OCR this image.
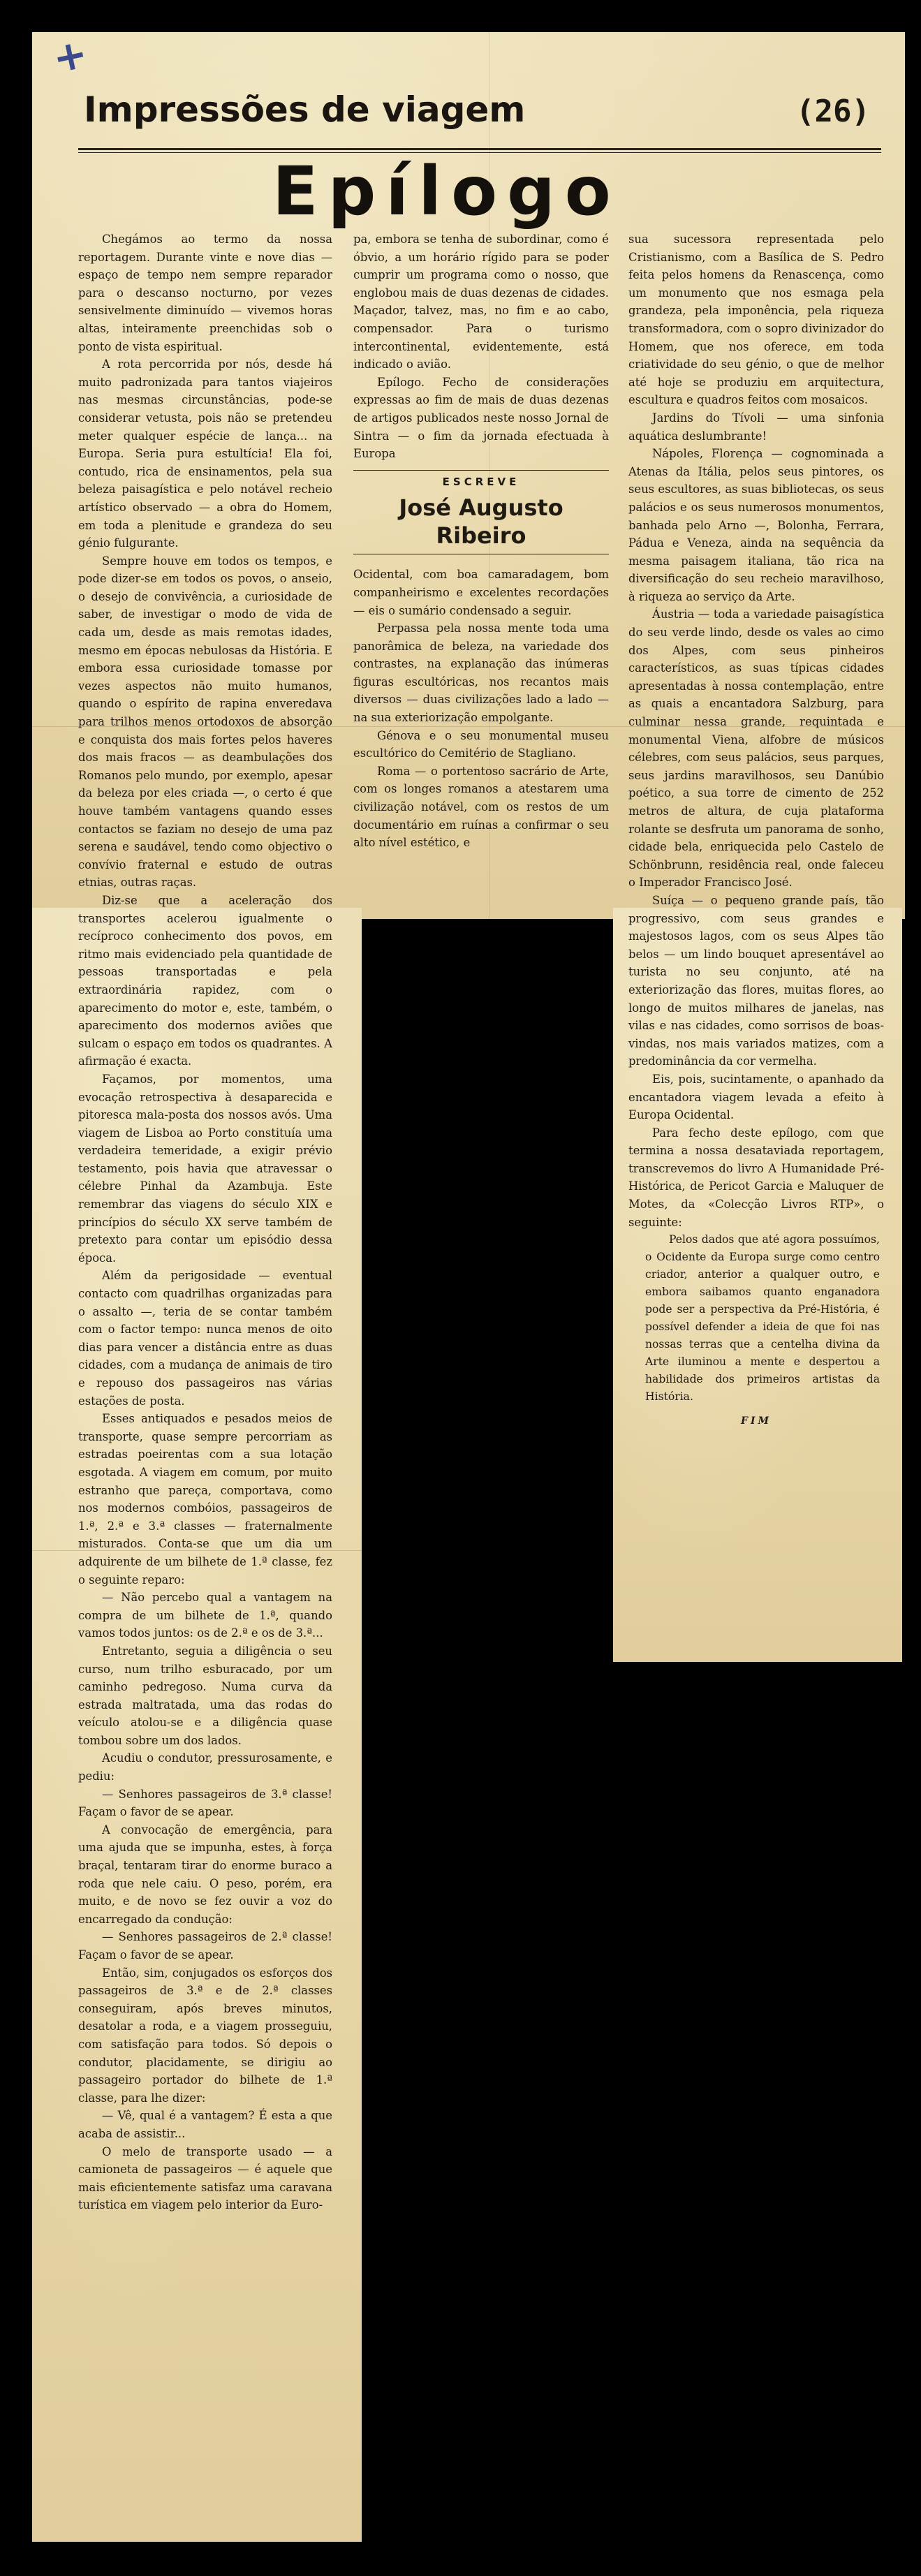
+
Impressões de viagem	(26)
Epílogo

Chegámos ao termo da nossa reportagem. Durante vinte e nove dias — espaço de tempo nem sempre reparador para o descanso nocturno, por vezes sensivelmente diminuído — vivemos horas altas, inteiramente preenchidas sob o ponto de vista espiritual.

A rota percorrida por nós, desde há muito padronizada para tantos viajeiros nas mesmas circunstâncias, pode-se considerar vetusta, pois não se pretendeu meter qualquer espécie de lança... na Europa. Seria pura estultícia! Ela foi, contudo, rica de ensinamentos, pela sua beleza paisagística e pelo notável recheio artístico observado — a obra do Homem, em toda a plenitude e grandeza do seu génio fulgurante.

Sempre houve em todos os tempos, e pode dizer-se em todos os povos, o anseio, o desejo de convivência, a curiosidade de saber, de investigar o modo de vida de cada um, desde as mais remotas idades, mesmo em épocas nebulosas da História. E embora essa curiosidade tomasse por vezes aspectos não muito humanos, quando o espírito de rapina enveredava para trilhos menos ortodoxos de absorção e conquista dos mais fortes pelos haveres dos mais fracos — as deambulações dos Romanos pelo mundo, por exemplo, apesar da beleza por eles criada —, o certo é que houve também vantagens quando esses contactos se faziam no desejo de uma paz serena e saudável, tendo como objectivo o convívio fraternal e estudo de outras etnias, outras raças.

Diz-se que a aceleração dos transportes acelerou igualmente o recíproco conhecimento dos povos, em ritmo mais evidenciado pela quantidade de pessoas transportadas e pela extraordinária rapidez, com o aparecimento do motor e, este, também, o aparecimento dos modernos aviões que sulcam o espaço em todos os quadrantes. A afirmação é exacta.

Façamos, por momentos, uma evocação retrospectiva à desaparecida e pitoresca mala-posta dos nossos avós. Uma viagem de Lisboa ao Porto constituía uma verdadeira temeridade, a exigir prévio testamento, pois havia que atravessar o célebre Pinhal da Azambuja. Este remembrar das viagens do século XIX e princípios do século XX serve também de pretexto para contar um episódio dessa época.

Além da perigosidade — eventual contacto com quadrilhas organizadas para o assalto —, teria de se contar também com o factor tempo: nunca menos de oito dias para vencer a distância entre as duas cidades, com a mudança de animais de tiro e repouso dos passageiros nas várias estações de posta.

Esses antiquados e pesados meios de transporte, quase sempre percorriam as estradas poeirentas com a sua lotação esgotada. A viagem em comum, por muito estranho que pareça, comportava, como nos modernos combóios, passageiros de 1.ª, 2.ª e 3.ª classes — fraternalmente misturados. Conta-se que um dia um adquirente de um bilhete de 1.ª classe, fez o seguinte reparo:

— Não percebo qual a vantagem na compra de um bilhete de 1.ª, quando vamos todos juntos: os de 2.ª e os de 3.ª...

Entretanto, seguia a diligência o seu curso, num trilho esburacado, por um caminho pedregoso. Numa curva da estrada maltratada, uma das rodas do veículo atolou-se e a diligência quase tombou sobre um dos lados.

Acudiu o condutor, pressurosamente, e pediu:

— Senhores passageiros de 3.ª classe! Façam o favor de se apear.

A convocação de emergência, para uma ajuda que se impunha, estes, à força braçal, tentaram tirar do enorme buraco a roda que nele caiu. O peso, porém, era muito, e de novo se fez ouvir a voz do encarregado da condução:

— Senhores passageiros de 2.ª classe! Façam o favor de se apear.

Então, sim, conjugados os esforços dos passageiros de 3.ª e de 2.ª classes conseguiram, após breves minutos, desatolar a roda, e a viagem prosseguiu, com satisfação para todos. Só depois o condutor, placidamente, se dirigiu ao passageiro portador do bilhete de 1.ª classe, para lhe dizer:

— Vê, qual é a vantagem? É esta a que acaba de assistir...

O melo de transporte usado — a camioneta de passageiros — é aquele que mais eficientemente satisfaz uma caravana turística em viagem pelo interior da Euro-

pa, embora se tenha de subordinar, como é óbvio, a um horário rígido para se poder cumprir um programa como o nosso, que englobou mais de duas dezenas de cidades. Maçador, talvez, mas, no fim e ao cabo, compensador. Para o turismo intercontinental, evidentemente, está indicado o avião.

Epílogo. Fecho de considerações expressas ao fim de mais de duas dezenas de artigos publicados neste nosso Jornal de Sintra — o fim da jornada efectuada à Europa

ESCREVE
José Augusto Ribeiro

Ocidental, com boa camaradagem, bom companheirismo e excelentes recordações — eis o sumário condensado a seguir.

Perpassa pela nossa mente toda uma panorâmica de beleza, na variedade dos contrastes, na explanação das inúmeras figuras escultóricas, nos recantos mais diversos — duas civilizações lado a lado — na sua exteriorização empolgante.

Génova e o seu monumental museu escultórico do Cemitério de Stagliano.

Roma — o portentoso sacrário de Arte, com os longes romanos a atestarem uma civilização notável, com os restos de um documentário em ruínas a confirmar o seu alto nível estético, e

sua sucessora representada pelo Cristianismo, com a Basílica de S. Pedro feita pelos homens da Renascença, como um monumento que nos esmaga pela grandeza, pela imponência, pela riqueza transformadora, com o sopro divinizador do Homem, que nos oferece, em toda criatividade do seu génio, o que de melhor até hoje se produziu em arquitectura, escultura e quadros feitos com mosaicos.

Jardins do Tívoli — uma sinfonia aquática deslumbrante!

Nápoles, Florença — cognominada a Atenas da Itália, pelos seus pintores, os seus escultores, as suas bibliotecas, os seus palácios e os seus numerosos monumentos, banhada pelo Arno —, Bolonha, Ferrara, Pádua e Veneza, ainda na sequência da mesma paisagem italiana, tão rica na diversificação do seu recheio maravilhoso, à riqueza ao serviço da Arte.

Áustria — toda a variedade paisagística do seu verde lindo, desde os vales ao cimo dos Alpes, com seus pinheiros característicos, as suas típicas cidades apresentadas à nossa contemplação, entre as quais a encantadora Salzburg, para culminar nessa grande, requintada e monumental Viena, alfobre de músicos célebres, com seus palácios, seus parques, seus jardins maravilhosos, seu Danúbio poético, a sua torre de cimento de 252 metros de altura, de cuja plataforma rolante se desfruta um panorama de sonho, cidade bela, enriquecida pelo Castelo de Schönbrunn, residência real, onde faleceu o Imperador Francisco José.

Suíça — o pequeno grande país, tão progressivo, com seus grandes e majestosos lagos, com os seus Alpes tão belos — um lindo bouquet apresentável ao turista no seu conjunto, até na exteriorização das flores, muitas flores, ao longo de muitos milhares de janelas, nas vilas e nas cidades, como sorrisos de boas-vindas, nos mais variados matizes, com a predominância da cor vermelha.

Eis, pois, sucintamente, o apanhado da encantadora viagem levada a efeito à Europa Ocidental.

Para fecho deste epílogo, com que termina a nossa desataviada reportagem, transcrevemos do livro A Humanidade Pré-Histórica, de Pericot Garcia e Maluquer de Motes, da «Colecção Livros RTP», o seguinte:

Pelos dados que até agora possuímos, o Ocidente da Europa surge como centro criador, anterior a qualquer outro, e embora saibamos quanto enganadora pode ser a perspectiva da Pré-História, é possível defender a ideia de que foi nas nossas terras que a centelha divina da Arte iluminou a mente e despertou a habilidade dos primeiros artistas da História.

FIM
